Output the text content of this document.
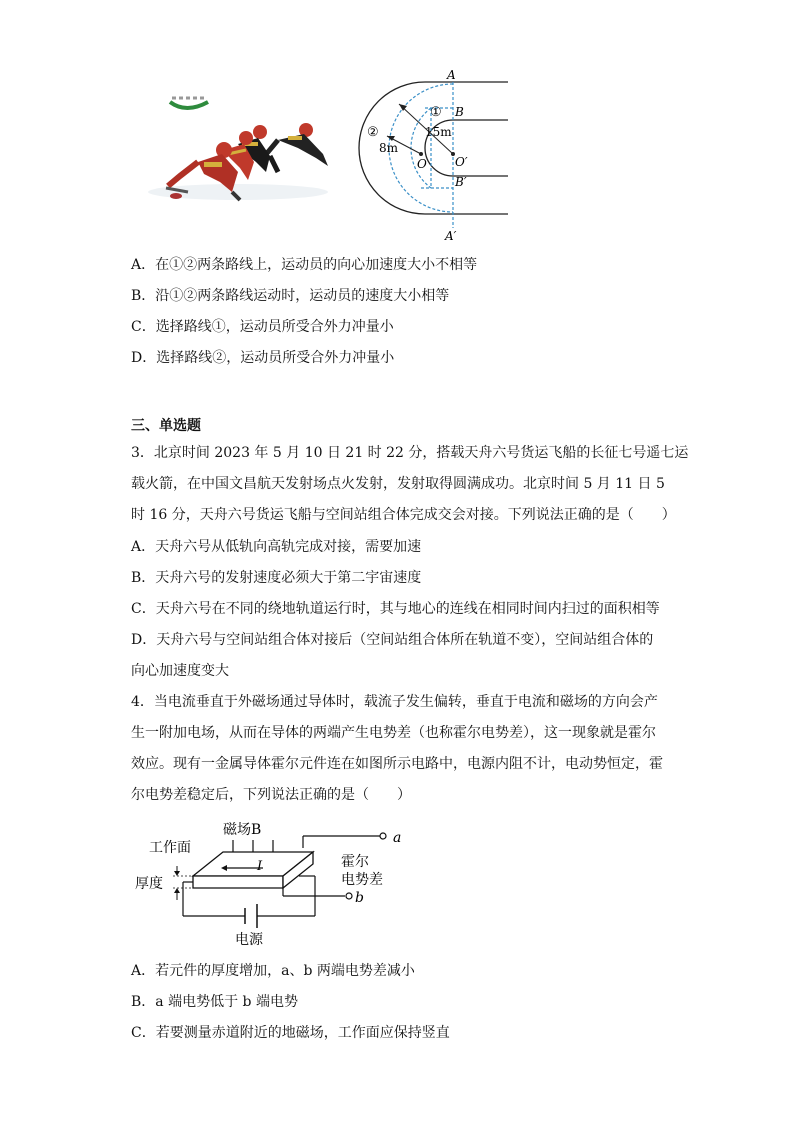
A
B
①
②	15m
8m
O O′
B′
A′
A．在①②两条路线上，运动员的向心加速度大小不相等
B．沿①②两条路线运动时，运动员的速度大小相等
C．选择路线①，运动员所受合外力冲量小
D．选择路线②，运动员所受合外力冲量小
三、单选题
3．北京时间 2023 年 5 月 10 日 21 时 22 分，搭载天舟六号货运飞船的长征七号遥七运
载火箭，在中国文昌航天发射场点火发射，发射取得圆满成功。北京时间 5 月 11 日 5
时 16 分，天舟六号货运飞船与空间站组合体完成交会对接。下列说法正确的是（　　）
A．天舟六号从低轨向高轨完成对接，需要加速
B．天舟六号的发射速度必须大于第二宇宙速度
C．天舟六号在不同的绕地轨道运行时，其与地心的连线在相同时间内扫过的面积相等
D．天舟六号与空间站组合体对接后（空间站组合体所在轨道不变），空间站组合体的
向心加速度变大
4．当电流垂直于外磁场通过导体时，载流子发生偏转，垂直于电流和磁场的方向会产
生一附加电场，从而在导体的两端产生电势差（也称霍尔电势差），这一现象就是霍尔
效应。现有一金属导体霍尔元件连在如图所示电路中，电源内阻不计，电动势恒定，霍
尔电势差稳定后，下列说法正确的是（　　）
磁场B
工作面
厚度
I	霍尔
电势差
a
b
电源
A．若元件的厚度增加，a、b 两端电势差减小
B．a 端电势低于 b 端电势
C．若要测量赤道附近的地磁场，工作面应保持竖直
